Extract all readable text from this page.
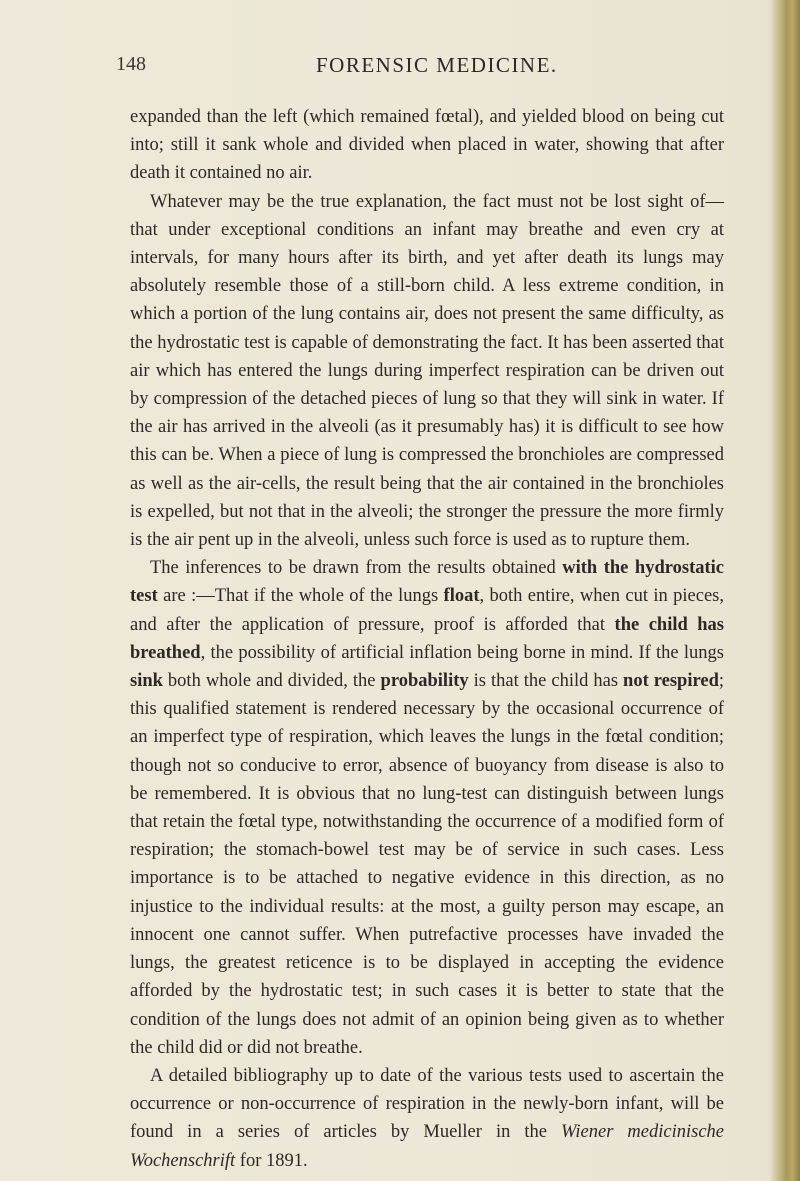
148	FORENSIC MEDICINE.

expanded than the left (which remained fœtal), and yielded blood on being cut into; still it sank whole and divided when placed in water, showing that after death it contained no air.

Whatever may be the true explanation, the fact must not be lost sight of—that under exceptional conditions an infant may breathe and even cry at intervals, for many hours after its birth, and yet after death its lungs may absolutely resemble those of a still-born child. A less extreme condition, in which a portion of the lung contains air, does not present the same difficulty, as the hydrostatic test is capable of demonstrating the fact. It has been asserted that air which has entered the lungs during imperfect respiration can be driven out by compression of the detached pieces of lung so that they will sink in water. If the air has arrived in the alveoli (as it presumably has) it is difficult to see how this can be. When a piece of lung is compressed the bronchioles are compressed as well as the air-cells, the result being that the air contained in the bronchioles is expelled, but not that in the alveoli; the stronger the pressure the more firmly is the air pent up in the alveoli, unless such force is used as to rupture them.

The inferences to be drawn from the results obtained with the hydrostatic test are :—That if the whole of the lungs float, both entire, when cut in pieces, and after the application of pressure, proof is afforded that the child has breathed, the possibility of artificial inflation being borne in mind. If the lungs sink both whole and divided, the probability is that the child has not respired; this qualified statement is rendered necessary by the occasional occurrence of an imperfect type of respiration, which leaves the lungs in the fœtal condition; though not so conducive to error, absence of buoyancy from disease is also to be remembered. It is obvious that no lung-test can distinguish between lungs that retain the fœtal type, notwithstanding the occurrence of a modified form of respiration; the stomach-bowel test may be of service in such cases. Less importance is to be attached to negative evidence in this direction, as no injustice to the individual results: at the most, a guilty person may escape, an innocent one cannot suffer. When putrefactive processes have invaded the lungs, the greatest reticence is to be displayed in accepting the evidence afforded by the hydrostatic test; in such cases it is better to state that the condition of the lungs does not admit of an opinion being given as to whether the child did or did not breathe.

A detailed bibliography up to date of the various tests used to ascertain the occurrence or non-occurrence of respiration in the newly-born infant, will be found in a series of articles by Mueller in the Wiener medicinische Wochenschrift for 1891.
